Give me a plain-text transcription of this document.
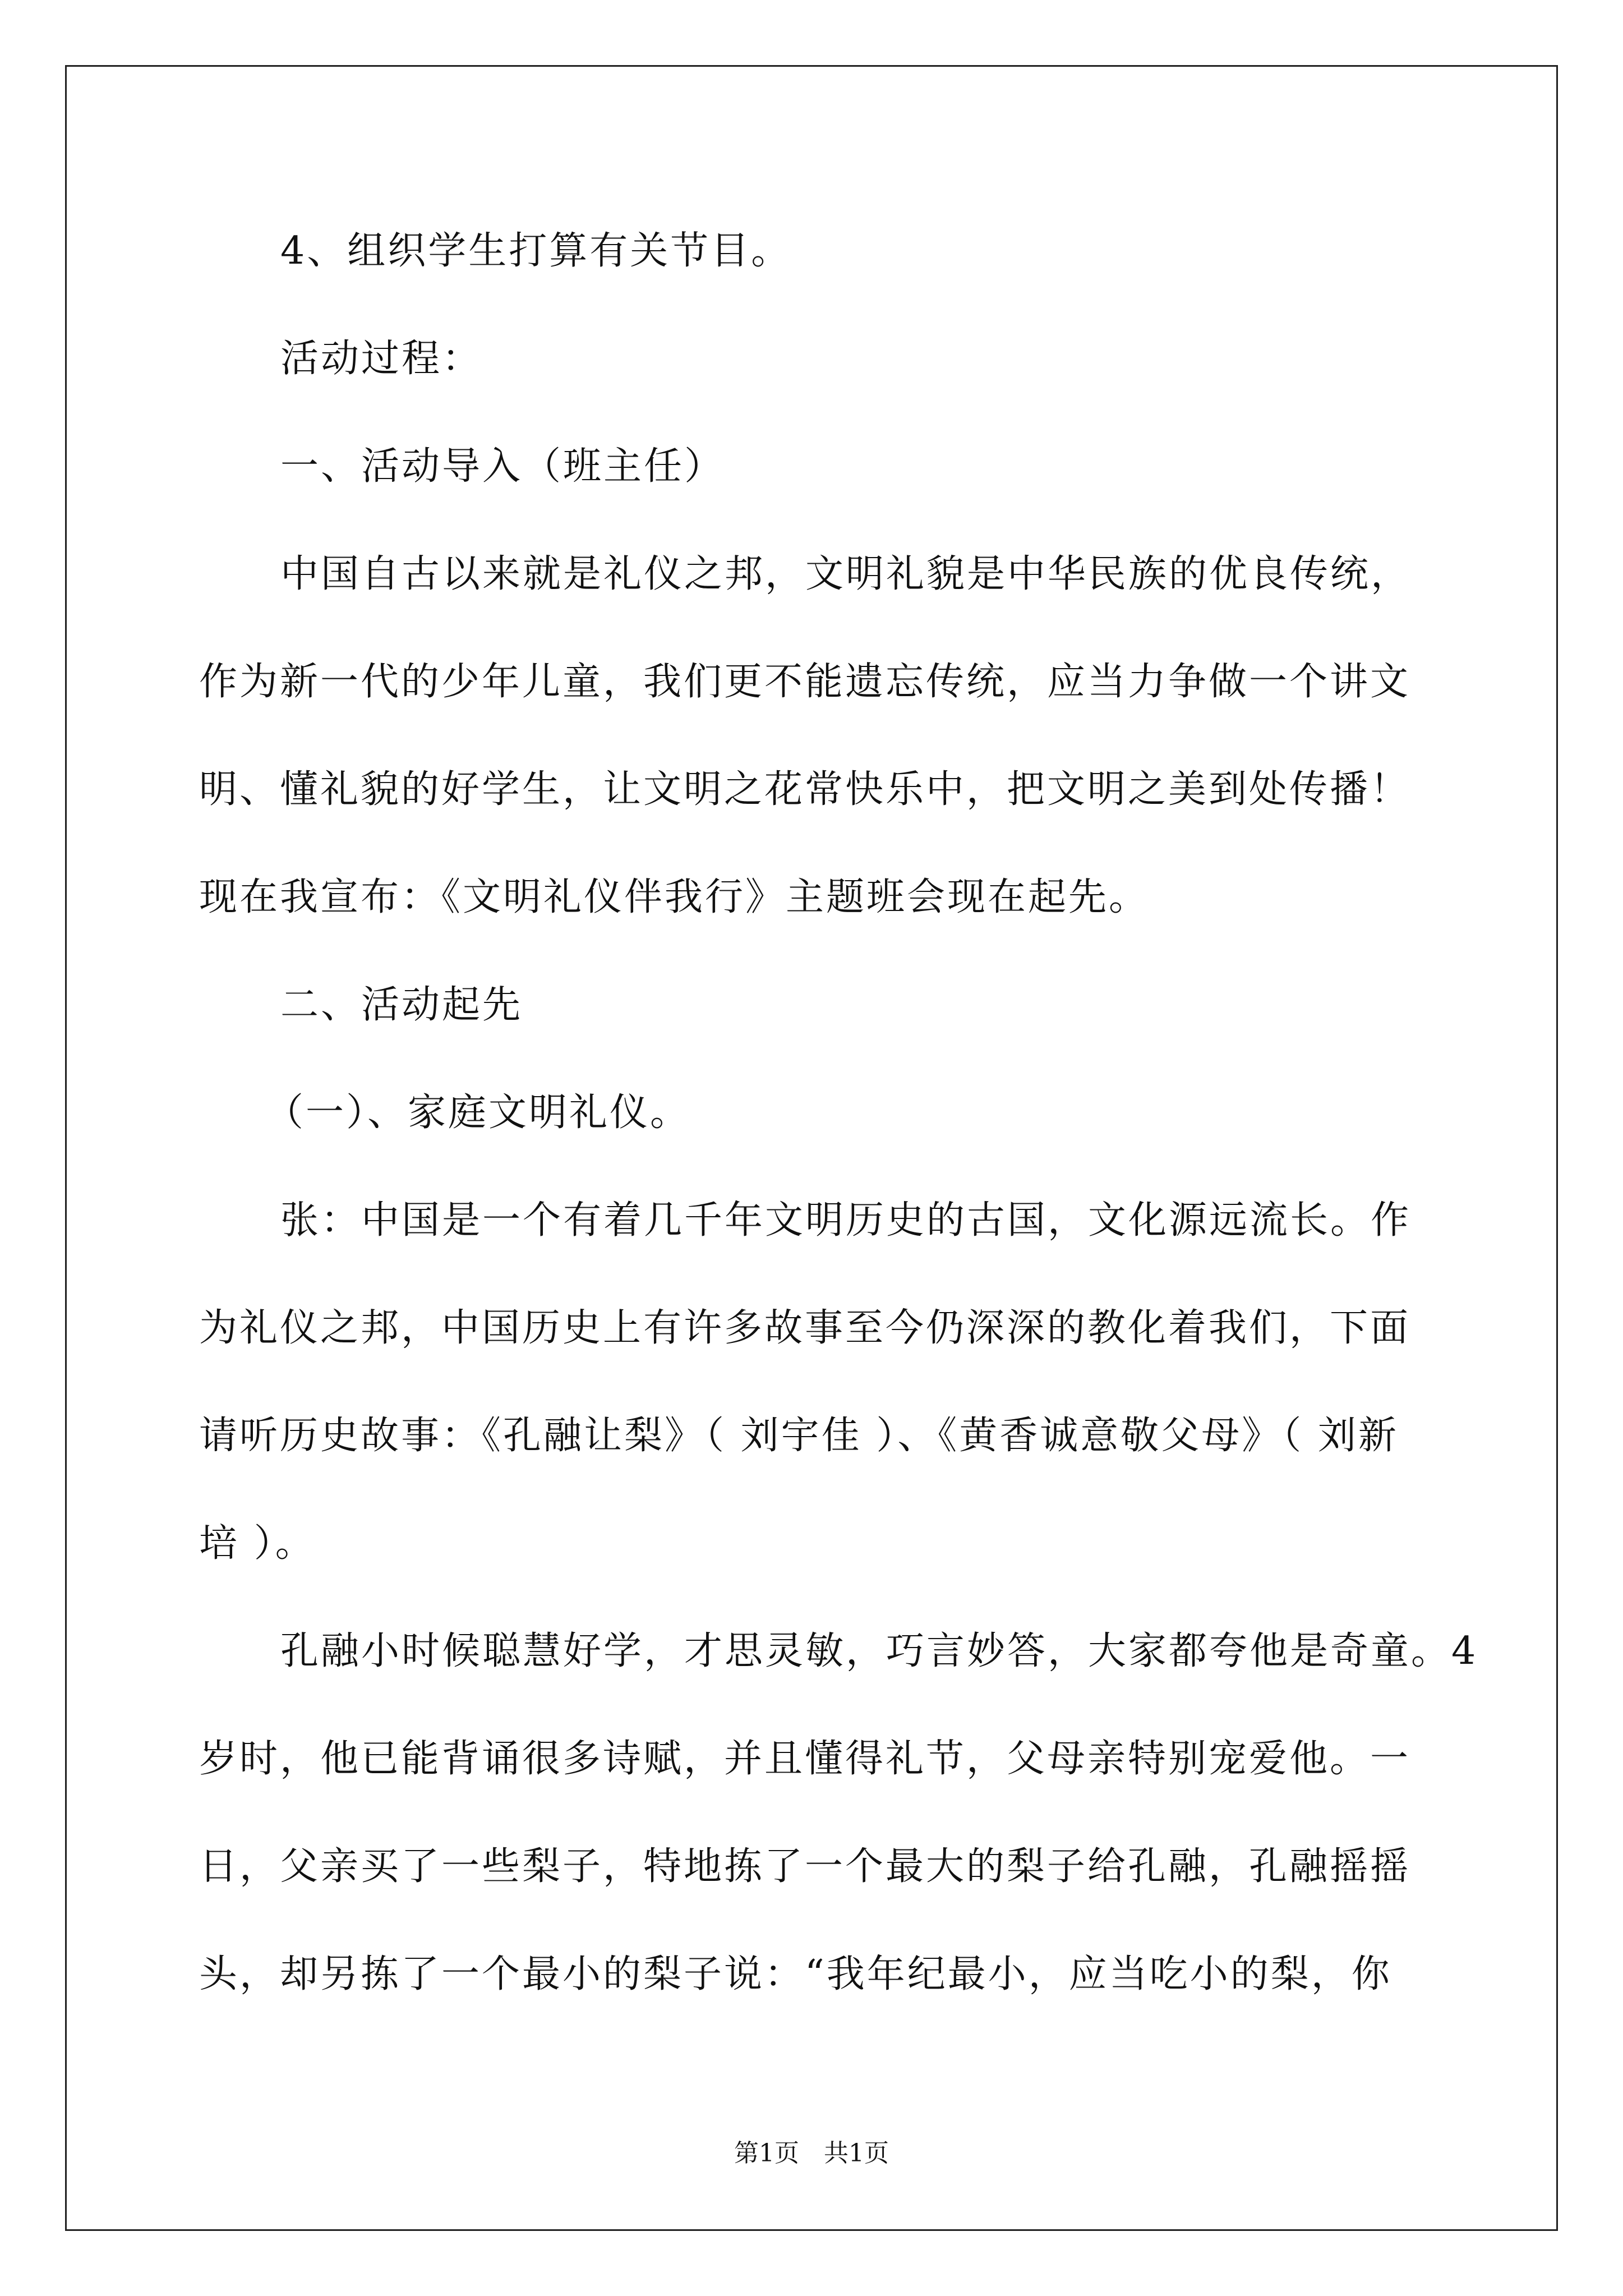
4、组织学生打算有关节目。

活动过程：

一、活动导入（班主任）

中国自古以来就是礼仪之邦，文明礼貌是中华民族的优良传统，
作为新一代的少年儿童，我们更不能遗忘传统，应当力争做一个讲文
明、懂礼貌的好学生，让文明之花常快乐中，把文明之美到处传播！
现在我宣布：《文明礼仪伴我行》主题班会现在起先。

二、活动起先

（一）、家庭文明礼仪。

张：中国是一个有着几千年文明历史的古国，文化源远流长。作
为礼仪之邦，中国历史上有许多故事至今仍深深的教化着我们，下面
请听历史故事：《孔融让梨》（ 刘宇佳 ）、《黄香诚意敬父母》（ 刘新
培 ）。

孔融小时候聪慧好学，才思灵敏，巧言妙答，大家都夸他是奇童。4
岁时，他已能背诵很多诗赋，并且懂得礼节，父母亲特别宠爱他。一
日，父亲买了一些梨子，特地拣了一个最大的梨子给孔融，孔融摇摇
头，却另拣了一个最小的梨子说：“我年纪最小，应当吃小的梨，你

第1页　共1页
